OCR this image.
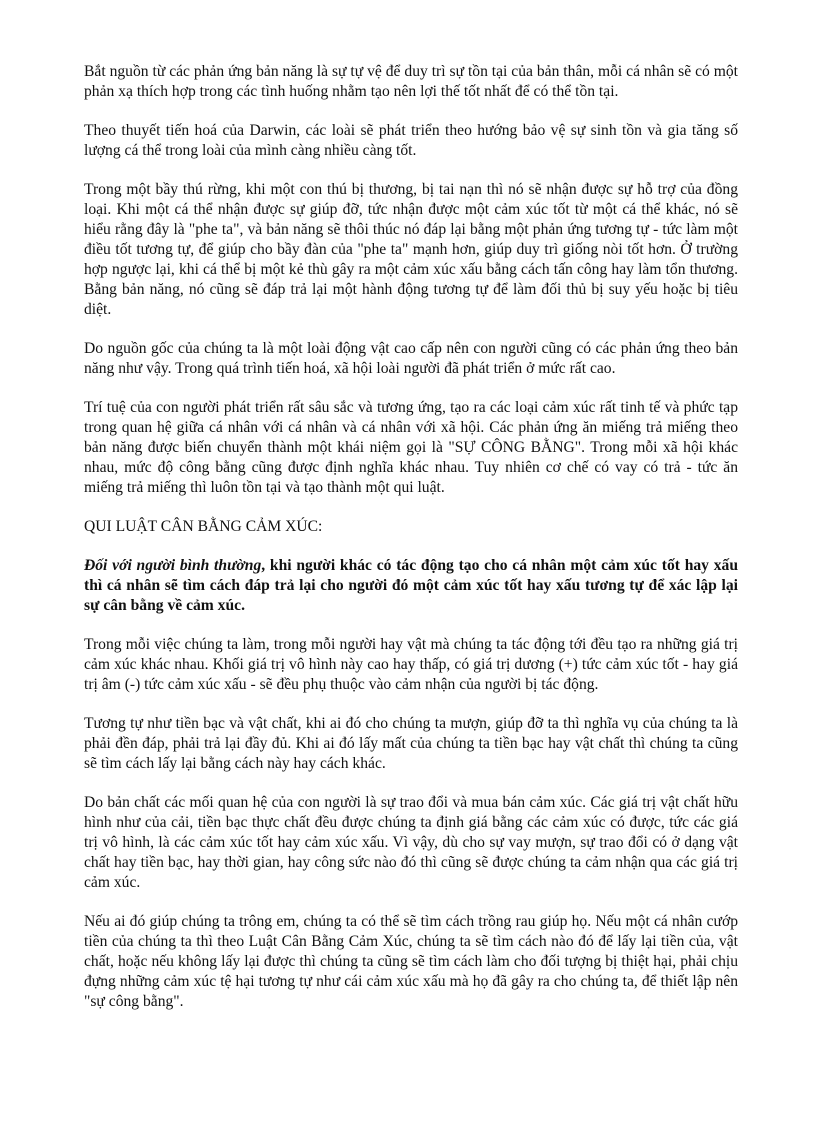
Bắt nguồn từ các phản ứng bản năng là sự tự vệ để duy trì sự tồn tại của bản thân, mỗi cá nhân sẽ có một phản xạ thích hợp trong các tình huống nhằm tạo nên lợi thế tốt nhất để có thể tồn tại.

Theo thuyết tiến hoá của Darwin, các loài sẽ phát triển theo hướng bảo vệ sự sinh tồn và gia tăng số lượng cá thể trong loài của mình càng nhiều càng tốt.

Trong một bầy thú rừng, khi một con thú bị thương, bị tai nạn thì nó sẽ nhận được sự hỗ trợ của đồng loại. Khi một cá thể nhận được sự giúp đỡ, tức nhận được một cảm xúc tốt từ một cá thể khác, nó sẽ hiểu rằng đây là "phe ta", và bản năng sẽ thôi thúc nó đáp lại bằng một phản ứng tương tự - tức làm một điều tốt tương tự, để giúp cho bầy đàn của "phe ta" mạnh hơn, giúp duy trì giống nòi tốt hơn. Ở trường hợp ngược lại, khi cá thể bị một kẻ thù gây ra một cảm xúc xấu bằng cách tấn công hay làm tổn thương. Bằng bản năng, nó cũng sẽ đáp trả lại một hành động tương tự để làm đối thủ bị suy yếu hoặc bị tiêu diệt.

Do nguồn gốc của chúng ta là một loài động vật cao cấp nên con người cũng có các phản ứng theo bản năng như vậy. Trong quá trình tiến hoá, xã hội loài người đã phát triển ở mức rất cao.

Trí tuệ của con người phát triển rất sâu sắc và tương ứng, tạo ra các loại cảm xúc rất tinh tế và phức tạp trong quan hệ giữa cá nhân với cá nhân và cá nhân với xã hội. Các phản ứng ăn miếng trả miếng theo bản năng được biến chuyển thành một khái niệm gọi là "SỰ CÔNG BẰNG". Trong mỗi xã hội khác nhau, mức độ công bằng cũng được định nghĩa khác nhau. Tuy nhiên cơ chế có vay có trả - tức ăn miếng trả miếng thì luôn tồn tại và tạo thành một qui luật.

QUI LUẬT CÂN BẰNG CẢM XÚC:

Đối với người bình thường, khi người khác có tác động tạo cho cá nhân một cảm xúc tốt hay xấu thì cá nhân sẽ tìm cách đáp trả lại cho người đó một cảm xúc tốt hay xấu tương tự để xác lập lại sự cân bằng về cảm xúc.

Trong mỗi việc chúng ta làm, trong mỗi người hay vật mà chúng ta tác động tới đều tạo ra những giá trị cảm xúc khác nhau. Khối giá trị vô hình này cao hay thấp, có giá trị dương (+) tức cảm xúc tốt - hay giá trị âm (-) tức cảm xúc xấu - sẽ đều phụ thuộc vào cảm nhận của người bị tác động.

Tương tự như tiền bạc và vật chất, khi ai đó cho chúng ta mượn, giúp đỡ ta thì nghĩa vụ của chúng ta là phải đền đáp, phải trả lại đầy đủ. Khi ai đó lấy mất của chúng ta tiền bạc hay vật chất thì chúng ta cũng sẽ tìm cách lấy lại bằng cách này hay cách khác.

Do bản chất các mối quan hệ của con người là sự trao đổi và mua bán cảm xúc. Các giá trị vật chất hữu hình như của cải, tiền bạc thực chất đều được chúng ta định giá bằng các cảm xúc có được, tức các giá trị vô hình, là các cảm xúc tốt hay cảm xúc xấu. Vì vậy, dù cho sự vay mượn, sự trao đổi có ở dạng vật chất hay tiền bạc, hay thời gian, hay công sức nào đó thì cũng sẽ được chúng ta cảm nhận qua các giá trị cảm xúc.

Nếu ai đó giúp chúng ta trông em, chúng ta có thể sẽ tìm cách trồng rau giúp họ. Nếu một cá nhân cướp tiền của chúng ta thì theo Luật Cân Bằng Cảm Xúc, chúng ta sẽ tìm cách nào đó để lấy lại tiền của, vật chất, hoặc nếu không lấy lại được thì chúng ta cũng sẽ tìm cách làm cho đối tượng bị thiệt hại, phải chịu đựng những cảm xúc tệ hại tương tự như cái cảm xúc xấu mà họ đã gây ra cho chúng ta, để thiết lập nên "sự công bằng".
